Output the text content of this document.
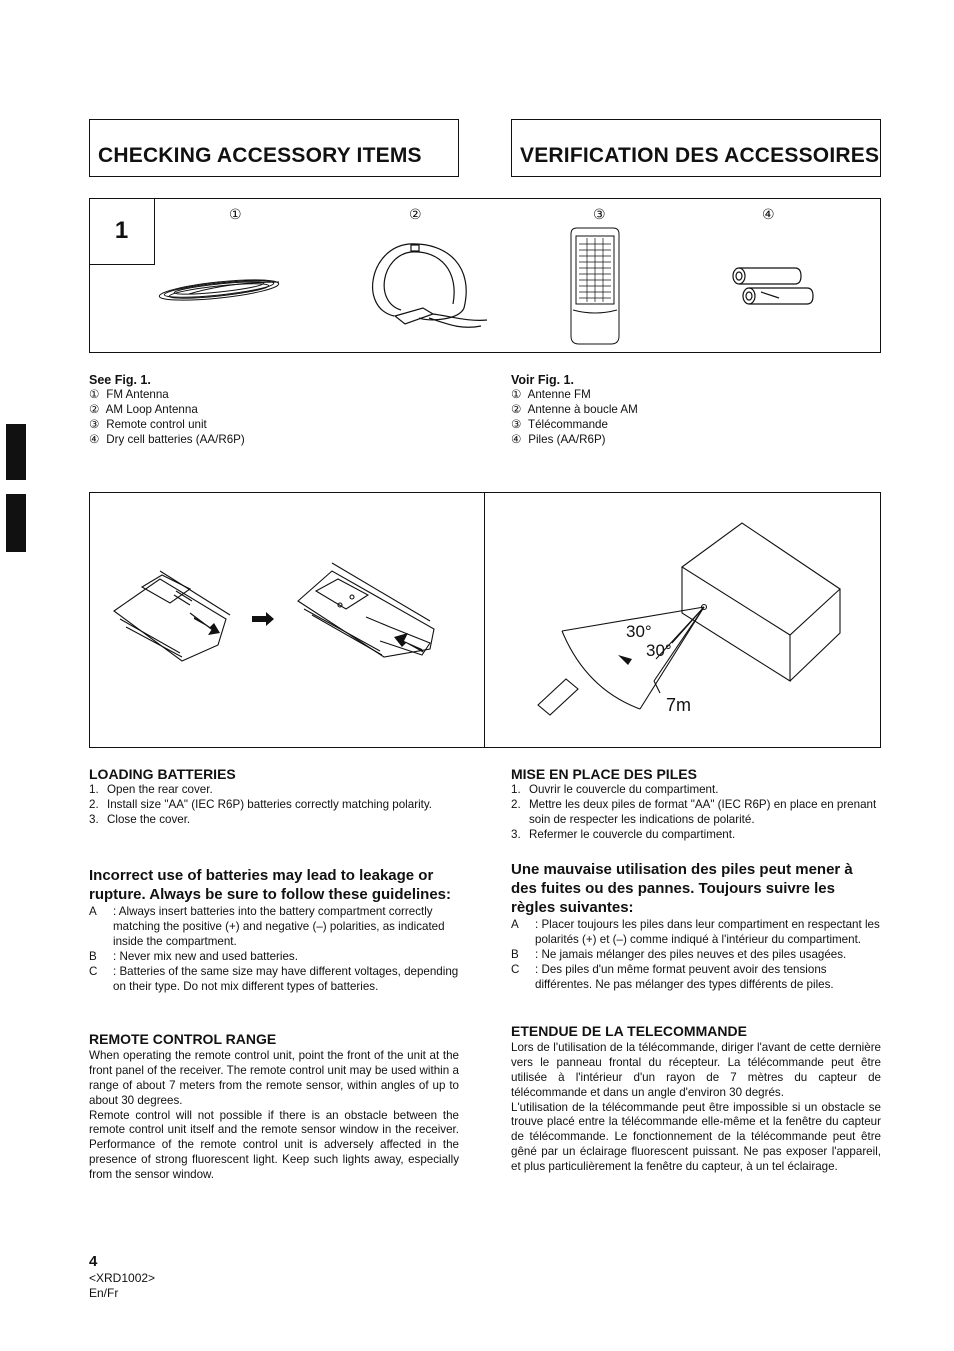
CHECKING ACCESSORY ITEMS	VERIFICATION DES ACCESSOIRES
1
①	②	③	④
See Fig. 1.
① FM Antenna
② AM Loop Antenna
③ Remote control unit
④ Dry cell batteries (AA/R6P)
Voir Fig. 1.
① Antenne FM
② Antenne à boucle AM
③ Télécommande
④ Piles (AA/R6P)
30°
30°
7m
LOADING BATTERIES
1. Open the rear cover.
2. Install size "AA" (IEC R6P) batteries correctly matching polarity.
3. Close the cover.
MISE EN PLACE DES PILES
1. Ouvrir le couvercle du compartiment.
2. Mettre les deux piles de format "AA" (IEC R6P) en place en prenant soin de respecter les indications de polarité.
3. Refermer le couvercle du compartiment.
Incorrect use of batteries may lead to leakage or rupture. Always be sure to follow these guidelines:
A : Always insert batteries into the battery compartment correctly matching the positive (+) and negative (–) polarities, as indicated inside the compartment.
B : Never mix new and used batteries.
C : Batteries of the same size may have different voltages, depending on their type. Do not mix different types of batteries.
Une mauvaise utilisation des piles peut mener à des fuites ou des pannes. Toujours suivre les règles suivantes:
A : Placer toujours les piles dans leur compartiment en respectant les polarités (+) et (–) comme indiqué à l'intérieur du compartiment.
B : Ne jamais mélanger des piles neuves et des piles usagées.
C : Des piles d'un même format peuvent avoir des tensions différentes. Ne pas mélanger des types différents de piles.
REMOTE CONTROL RANGE

When operating the remote control unit, point the front of the unit at the front panel of the receiver. The remote control unit may be used within a range of about 7 meters from the remote sensor, within angles of up to about 30 degrees.

Remote control will not possible if there is an obstacle between the remote control unit itself and the remote sensor window in the receiver. Performance of the remote control unit is adversely affected in the presence of strong fluorescent light. Keep such lights away, especially from the sensor window.

ETENDUE DE LA TELECOMMANDE

Lors de l'utilisation de la télécommande, diriger l'avant de cette dernière vers le panneau frontal du récepteur. La télécommande peut être utilisée à l'intérieur d'un rayon de 7 mètres du capteur de télécommande et dans un angle d'environ 30 degrés.

L'utilisation de la télécommande peut être impossible si un obstacle se trouve placé entre la télécommande elle-même et la fenêtre du capteur de télécommande. Le fonctionnement de la télécommande peut être gêné par un éclairage fluorescent puissant. Ne pas exposer l'appareil, et plus particulièrement la fenêtre du capteur, à un tel éclairage.

4
<XRD1002>
En/Fr
